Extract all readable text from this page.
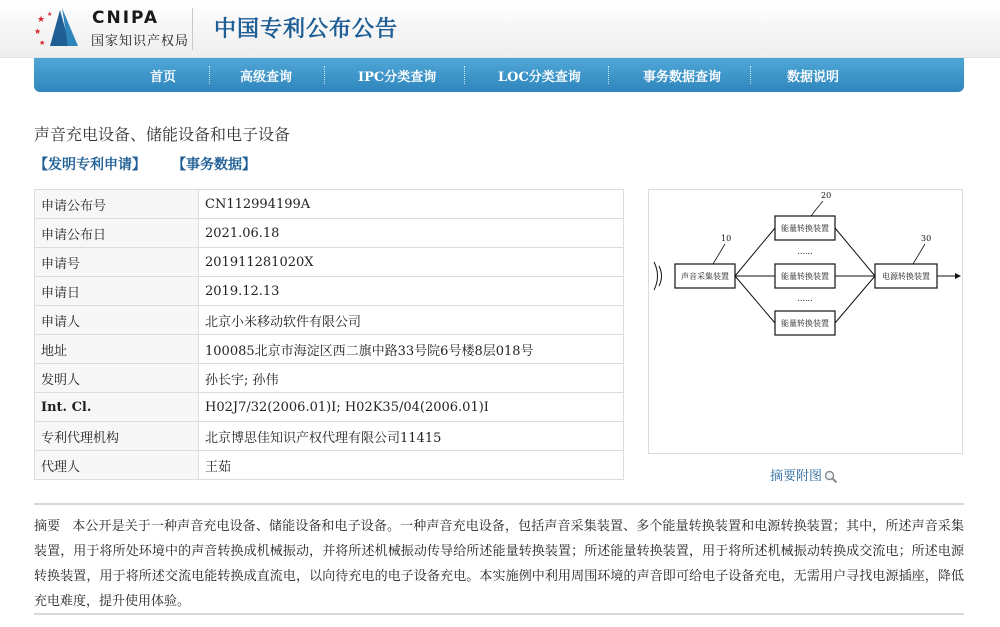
★
★
★
★ CNIPA
国家知识产权局 中国专利公布公告
首页	高级查询	IPC分类查询	LOC分类查询	事务数据查询	数据说明
声音充电设备、储能设备和电子设备
【发明专利申请】 【事务数据】
申请公布号	CN112994199A
申请公布日	2021.06.18
申请号	201911281020X
申请日	2019.12.13
申请人	北京小米移动软件有限公司
地址	100085北京市海淀区西二旗中路33号院6号楼8层018号
发明人	孙长宇; 孙伟
Int. Cl.	H02J7/32(2006.01)I; H02K35/04(2006.01)I
专利代理机构	北京博思佳知识产权代理有限公司11415
代理人	王茹
声音采集装置
能量转换装置
能量转换装置
能量转换装置
电源转换装置
......
......
10
20
30
摘要附图
摘要 本公开是关于一种声音充电设备、储能设备和电子设备。一种声音充电设备，包括声音采集装置、多个能量转换装置和电源转换装置；其中，所述声音采集装置，用于将所处环境中的声音转换成机械振动，并将所述机械振动传导给所述能量转换装置；所述能量转换装置，用于将所述机械振动转换成交流电；所述电源转换装置，用于将所述交流电能转换成直流电，以向待充电的电子设备充电。本实施例中利用周围环境的声音即可给电子设备充电，无需用户寻找电源插座，降低充电难度，提升使用体验。
